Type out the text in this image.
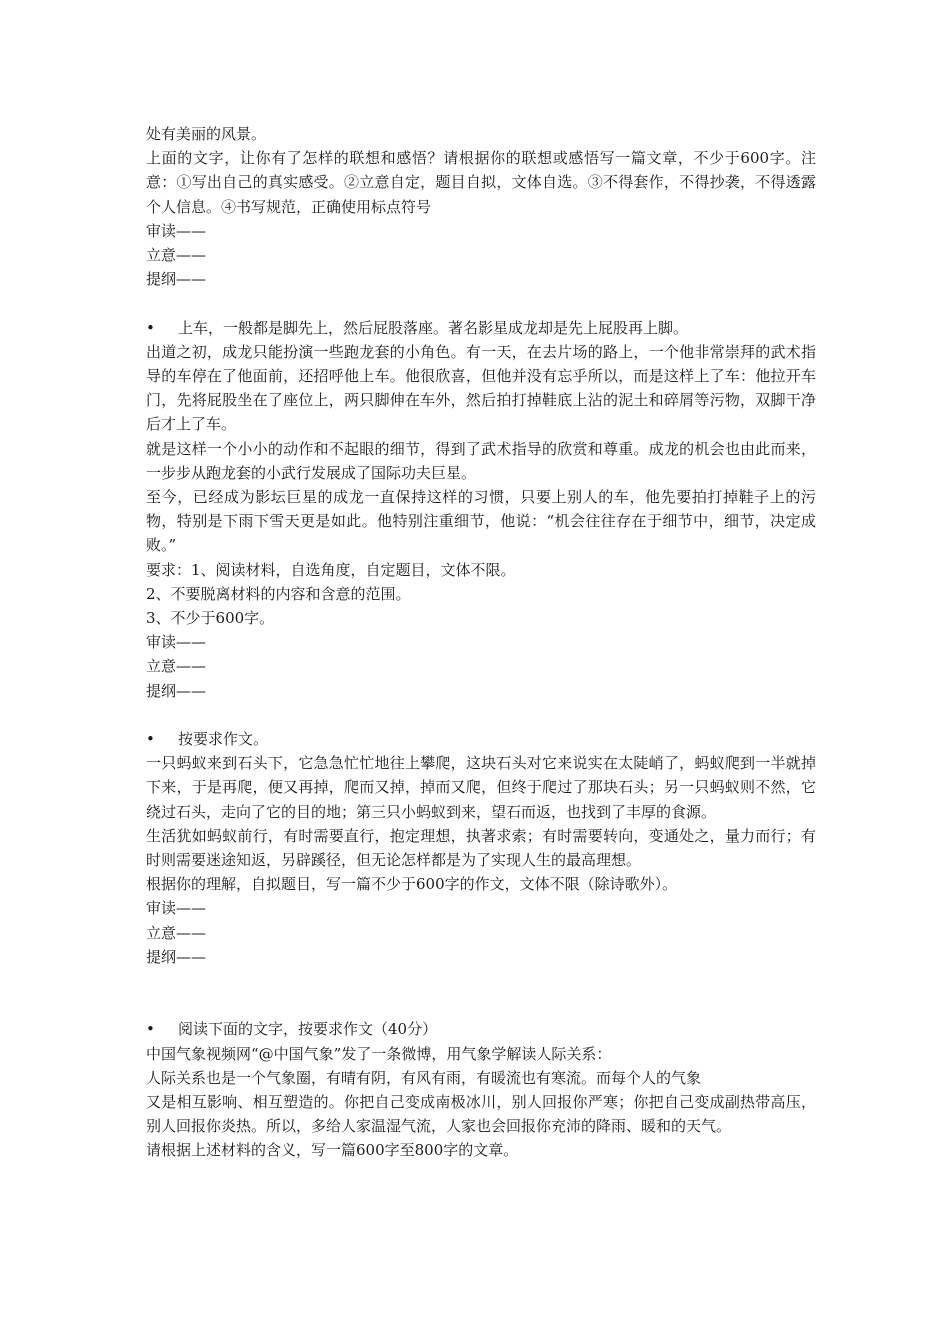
处有美丽的风景。

上面的文字，让你有了怎样的联想和感悟？请根据你的联想或感悟写一篇文章，不少于600字。注意：①写出自己的真实感受。②立意自定，题目自拟，文体自选。③不得套作，不得抄袭，不得透露个人信息。④书写规范，正确使用标点符号

审读——

立意——

提纲——

• 上车，一般都是脚先上，然后屁股落座。著名影星成龙却是先上屁股再上脚。

出道之初，成龙只能扮演一些跑龙套的小角色。有一天，在去片场的路上，一个他非常崇拜的武术指导的车停在了他面前，还招呼他上车。他很欣喜，但他并没有忘乎所以，而是这样上了车：他拉开车门，先将屁股坐在了座位上，两只脚伸在车外，然后拍打掉鞋底上沾的泥土和碎屑等污物，双脚干净后才上了车。

就是这样一个小小的动作和不起眼的细节，得到了武术指导的欣赏和尊重。成龙的机会也由此而来，一步步从跑龙套的小武行发展成了国际功夫巨星。

至今，已经成为影坛巨星的成龙一直保持这样的习惯，只要上别人的车，他先要拍打掉鞋子上的污物，特别是下雨下雪天更是如此。他特别注重细节，他说：“机会往往存在于细节中，细节，决定成败。”

要求：1、阅读材料，自选角度，自定题目，文体不限。

2、不要脱离材料的内容和含意的范围。

3、不少于600字。

审读——

立意——

提纲——

• 按要求作文。

一只蚂蚁来到石头下，它急急忙忙地往上攀爬，这块石头对它来说实在太陡峭了，蚂蚁爬到一半就掉下来，于是再爬，便又再掉，爬而又掉，掉而又爬，但终于爬过了那块石头；另一只蚂蚁则不然，它绕过石头，走向了它的目的地；第三只小蚂蚁到来，望石而返，也找到了丰厚的食源。

生活犹如蚂蚁前行，有时需要直行，抱定理想，执著求索；有时需要转向，变通处之，量力而行；有时则需要迷途知返，另辟蹊径，但无论怎样都是为了实现人生的最高理想。

根据你的理解，自拟题目，写一篇不少于600字的作文，文体不限（除诗歌外）。

审读——

立意——

提纲——

• 阅读下面的文字，按要求作文（40分）

中国气象视频网“@中国气象”发了一条微博，用气象学解读人际关系：

人际关系也是一个气象圈，有晴有阴，有风有雨，有暖流也有寒流。而每个人的气象

又是相互影响、相互塑造的。你把自己变成南极冰川，别人回报你严寒；你把自己变成副热带高压，别人回报你炎热。所以，多给人家温湿气流，人家也会回报你充沛的降雨、暖和的天气。

请根据上述材料的含义，写一篇600字至800字的文章。
